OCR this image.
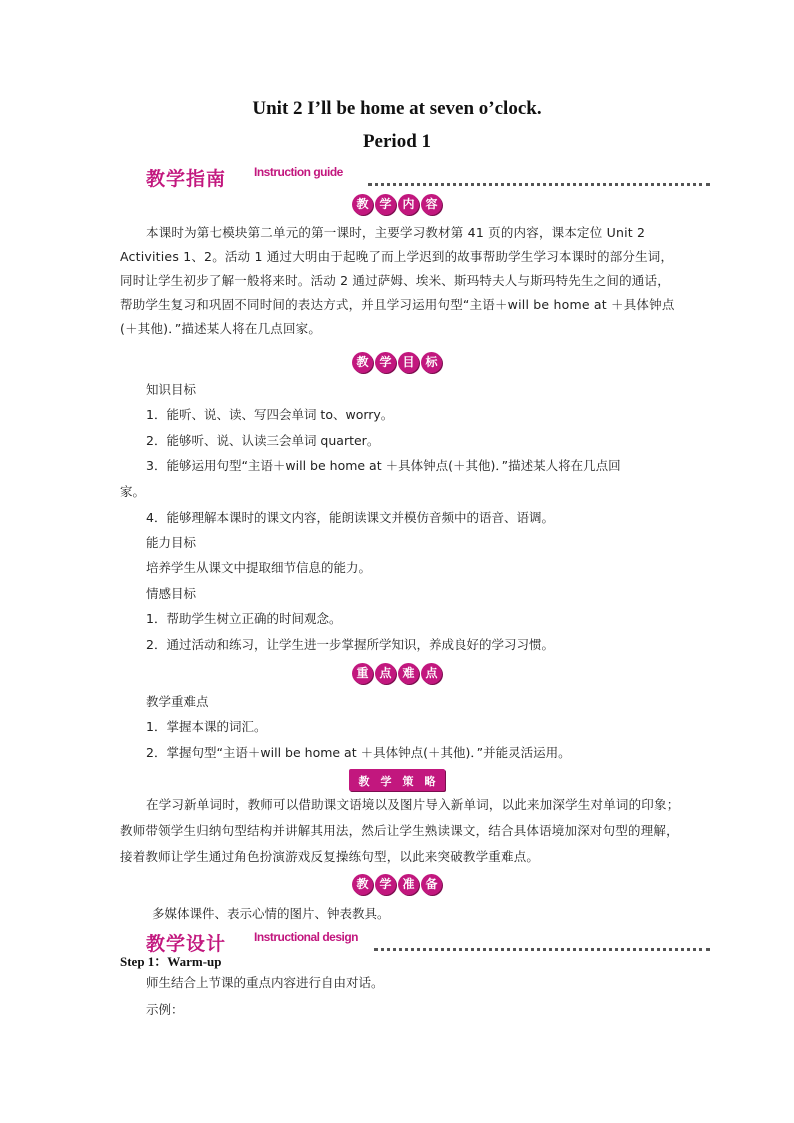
Unit 2 I’ll be home at seven o’clock.
Period 1
教学指南 Instruction guide
教 学 内 容
本课时为第七模块第二单元的第一课时，主要学习教材第 41 页的内容，课本定位 Unit 2 Activities 1、2。活动 1 通过大明由于起晚了而上学迟到的故事帮助学生学习本课时的部分生词，同时让学生初步了解一般将来时。活动 2 通过萨姆、埃米、斯玛特夫人与斯玛特先生之间的通话，帮助学生复习和巩固不同时间的表达方式，并且学习运用句型“主语＋will be home at ＋具体钟点(＋其他)．”描述某人将在几点回家。
教 学 目 标
知识目标
1．能听、说、读、写四会单词 to、worry。
2．能够听、说、认读三会单词 quarter。
3．能够运用句型“主语＋will be home at ＋具体钟点(＋其他)．”描述某人将在几点回
家。
4．能够理解本课时的课文内容，能朗读课文并模仿音频中的语音、语调。
能力目标
培养学生从课文中提取细节信息的能力。
情感目标
1．帮助学生树立正确的时间观念。
2．通过活动和练习，让学生进一步掌握所学知识，养成良好的学习习惯。
重 点 难 点
教学重难点
1．掌握本课的词汇。
2．掌握句型“主语＋will be home at ＋具体钟点(＋其他)．”并能灵活运用。
教 学 策 略
在学习新单词时，教师可以借助课文语境以及图片导入新单词，以此来加深学生对单词的印象；教师带领学生归纳句型结构并讲解其用法，然后让学生熟读课文，结合具体语境加深对句型的理解，接着教师让学生通过角色扮演游戏反复操练句型，以此来突破教学重难点。
教 学 准 备
多媒体课件、表示心情的图片、钟表教具。
教学设计 Instructional design
Step 1：Warm-up
师生结合上节课的重点内容进行自由对话。
示例：
